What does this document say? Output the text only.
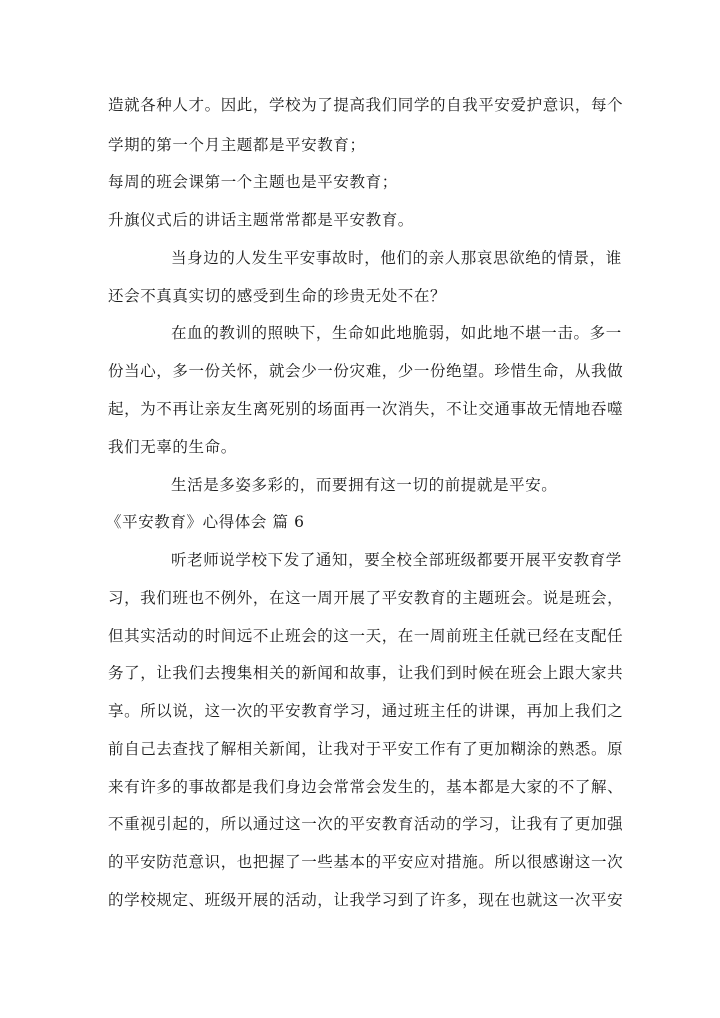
造就各种人才。因此，学校为了提高我们同学的自我平安爱护意识，每个
学期的第一个月主题都是平安教育；
每周的班会课第一个主题也是平安教育；
升旗仪式后的讲话主题常常都是平安教育。
当身边的人发生平安事故时，他们的亲人那哀思欲绝的情景，谁
还会不真真实切的感受到生命的珍贵无处不在？
在血的教训的照映下，生命如此地脆弱，如此地不堪一击。多一
份当心，多一份关怀，就会少一份灾难，少一份绝望。珍惜生命，从我做
起，为不再让亲友生离死别的场面再一次消失，不让交通事故无情地吞噬
我们无辜的生命。
生活是多姿多彩的，而要拥有这一切的前提就是平安。
《平安教育》心得体会 篇 6
听老师说学校下发了通知，要全校全部班级都要开展平安教育学
习，我们班也不例外，在这一周开展了平安教育的主题班会。说是班会，
但其实活动的时间远不止班会的这一天，在一周前班主任就已经在支配任
务了，让我们去搜集相关的新闻和故事，让我们到时候在班会上跟大家共
享。所以说，这一次的平安教育学习，通过班主任的讲课，再加上我们之
前自己去查找了解相关新闻，让我对于平安工作有了更加糊涂的熟悉。原
来有许多的事故都是我们身边会常常会发生的，基本都是大家的不了解、
不重视引起的，所以通过这一次的平安教育活动的学习，让我有了更加强
的平安防范意识，也把握了一些基本的平安应对措施。所以很感谢这一次
的学校规定、班级开展的活动，让我学习到了许多，现在也就这一次平安
